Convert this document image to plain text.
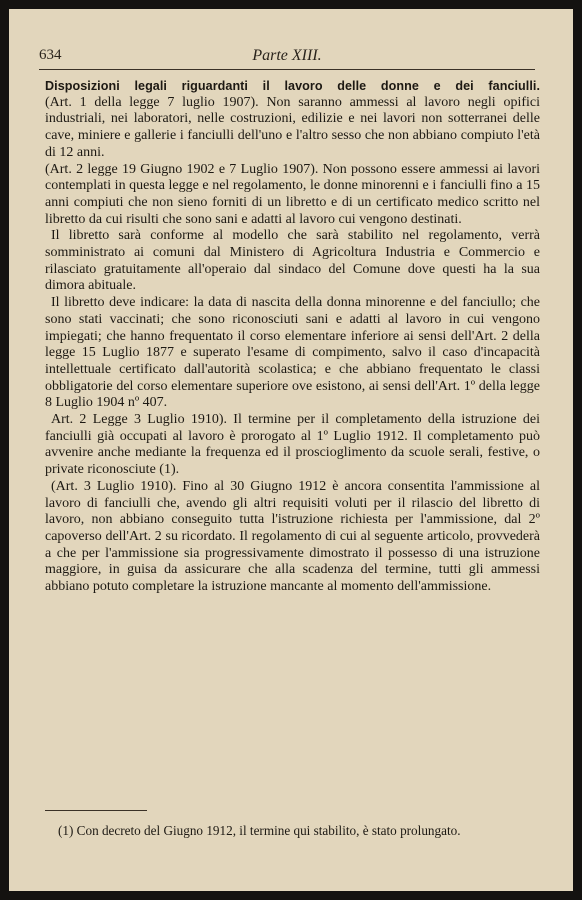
634	Parte XIII.

Disposizioni legali riguardanti il lavoro delle donne e dei fanciulli.

(Art. 1 della legge 7 luglio 1907). Non saranno ammessi al lavoro negli opifici industriali, nei laboratori, nelle costruzioni, edilizie e nei lavori non sotterranei delle cave, miniere e gallerie i fanciulli dell'uno e l'altro sesso che non abbiano compiuto l'età di 12 anni.

(Art. 2 legge 19 Giugno 1902 e 7 Luglio 1907). Non possono essere ammessi ai lavori contemplati in questa legge e nel regolamento, le donne minorenni e i fanciulli fino a 15 anni compiuti che non sieno forniti di un libretto e di un certificato medico scritto nel libretto da cui risulti che sono sani e adatti al lavoro cui vengono destinati.

Il libretto sarà conforme al modello che sarà stabilito nel regolamento, verrà somministrato ai comuni dal Ministero di Agricoltura Industria e Commercio e rilasciato gratuitamente all'operaio dal sindaco del Comune dove questi ha la sua dimora abituale.

Il libretto deve indicare: la data di nascita della donna minorenne e del fanciullo; che sono stati vaccinati; che sono riconosciuti sani e adatti al lavoro in cui vengono impiegati; che hanno frequentato il corso elementare inferiore ai sensi dell'Art. 2 della legge 15 Luglio 1877 e superato l'esame di compimento, salvo il caso d'incapacità intellettuale certificato dall'autorità scolastica; e che abbiano frequentato le classi obbligatorie del corso elementare superiore ove esistono, ai sensi dell'Art. 1º della legge 8 Luglio 1904 nº 407.

Art. 2 Legge 3 Luglio 1910). Il termine per il completamento della istruzione dei fanciulli già occupati al lavoro è prorogato al 1º Luglio 1912. Il completamento può avvenire anche mediante la frequenza ed il proscioglimento da scuole serali, festive, o private riconosciute (1).

(Art. 3 Luglio 1910). Fino al 30 Giugno 1912 è ancora consentita l'ammissione al lavoro di fanciulli che, avendo gli altri requisiti voluti per il rilascio del libretto di lavoro, non abbiano conseguito tutta l'istruzione richiesta per l'ammissione, dal 2º capoverso dell'Art. 2 su ricordato. Il regolamento di cui al seguente articolo, provvederà a che per l'ammissione sia progressivamente dimostrato il possesso di una istruzione maggiore, in guisa da assicurare che alla scadenza del termine, tutti gli ammessi abbiano potuto completare la istruzione mancante al momento dell'ammissione.

(1) Con decreto del Giugno 1912, il termine qui stabilito, è stato prolungato.
